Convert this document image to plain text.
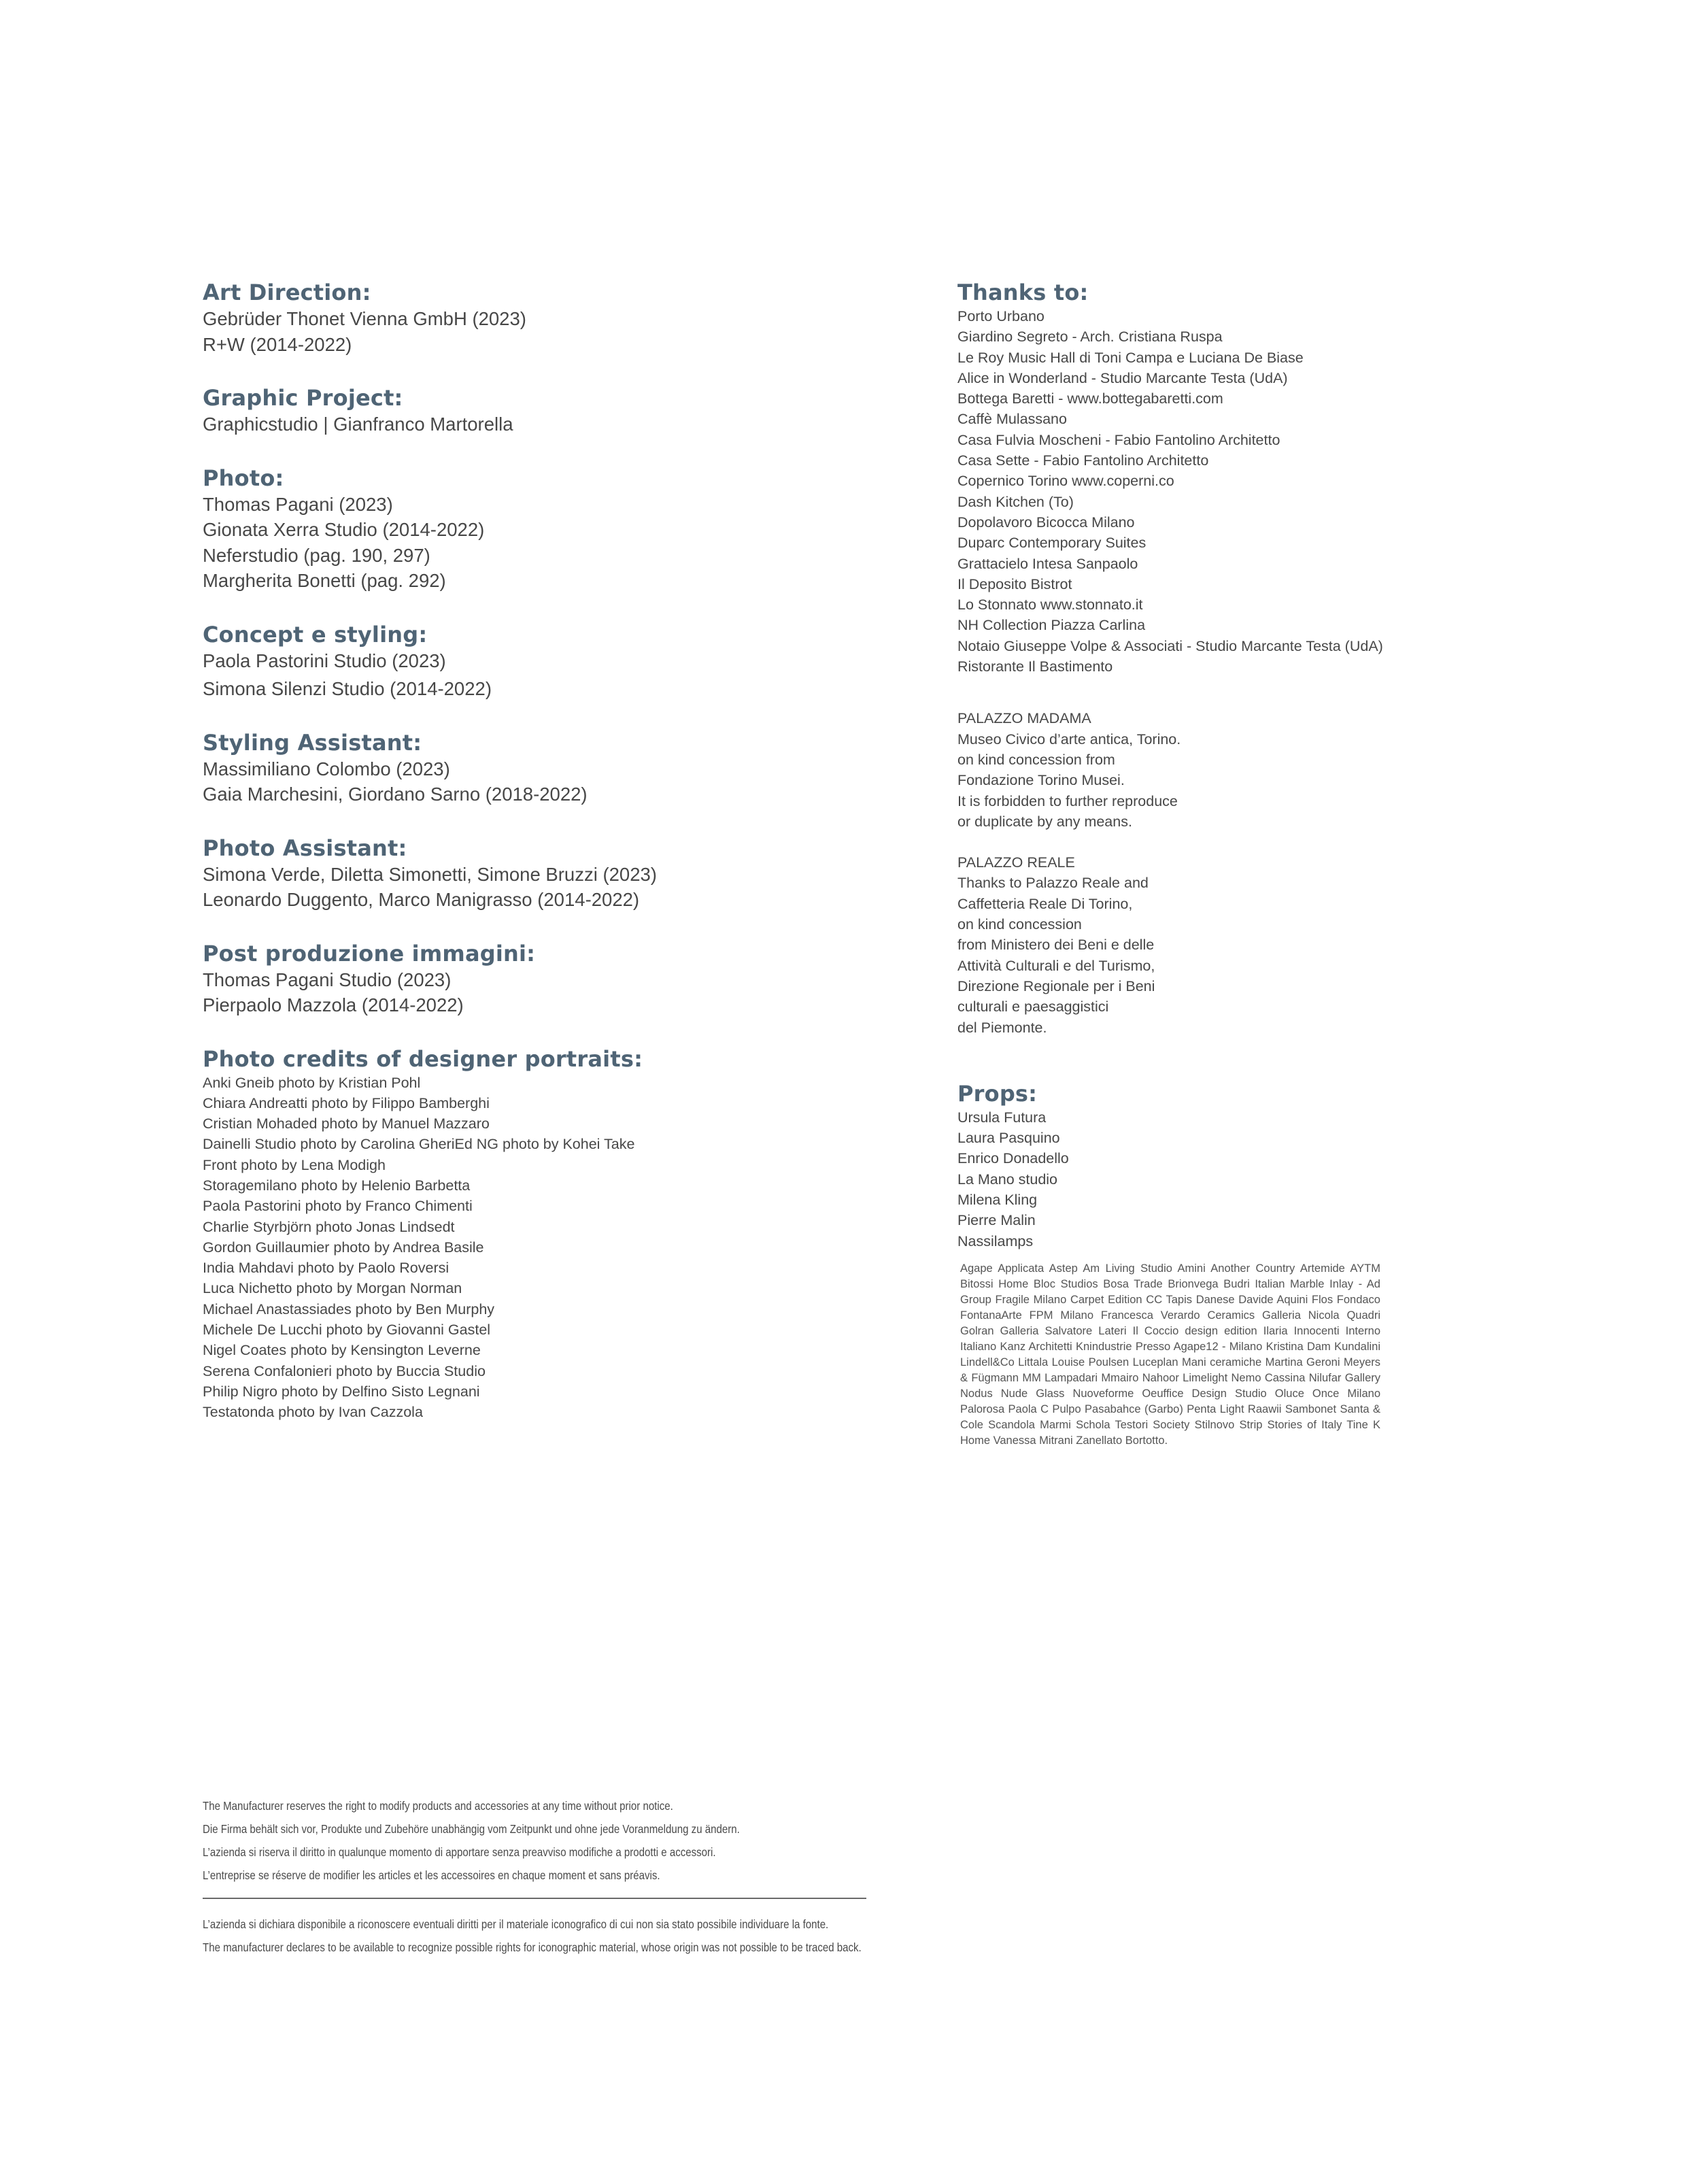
Art Direction:
Gebrüder Thonet Vienna GmbH (2023)
R+W (2014-2022)
Graphic Project:
Graphicstudio | Gianfranco Martorella
Photo:
Thomas Pagani (2023)
Gionata Xerra Studio (2014-2022)
Neferstudio (pag. 190, 297)
Margherita Bonetti (pag. 292)
Concept e styling:
Paola Pastorini Studio (2023)
Simona Silenzi Studio (2014-2022)
Styling Assistant:
Massimiliano Colombo (2023)
Gaia Marchesini, Giordano Sarno (2018-2022)
Photo Assistant:
Simona Verde, Diletta Simonetti, Simone Bruzzi (2023)
Leonardo Duggento, Marco Manigrasso (2014-2022)
Post produzione immagini:
Thomas Pagani Studio (2023)
Pierpaolo Mazzola (2014-2022)
Photo credits of designer portraits:
Anki Gneib photo by Kristian Pohl
Chiara Andreatti photo by Filippo Bamberghi
Cristian Mohaded photo by Manuel Mazzaro
Dainelli Studio photo by Carolina GheriEd NG photo by Kohei Take
Front photo by Lena Modigh
Storagemilano photo by Helenio Barbetta
Paola Pastorini photo by Franco Chimenti
Charlie Styrbjörn photo Jonas Lindsedt
Gordon Guillaumier photo by Andrea Basile
India Mahdavi photo by Paolo Roversi
Luca Nichetto photo by Morgan Norman
Michael Anastassiades photo by Ben Murphy
Michele De Lucchi photo by Giovanni Gastel
Nigel Coates photo by Kensington Leverne
Serena Confalonieri photo by Buccia Studio
Philip Nigro photo by Delfino Sisto Legnani
Testatonda photo by Ivan Cazzola
Thanks to:
Porto Urbano
Giardino Segreto - Arch. Cristiana Ruspa
Le Roy Music Hall di Toni Campa e Luciana De Biase
Alice in Wonderland - Studio Marcante Testa (UdA)
Bottega Baretti - www.bottegabaretti.com
Caffè Mulassano
Casa Fulvia Moscheni - Fabio Fantolino Architetto
Casa Sette - Fabio Fantolino Architetto
Copernico Torino www.coperni.co
Dash Kitchen (To)
Dopolavoro Bicocca Milano
Duparc Contemporary Suites
Grattacielo Intesa Sanpaolo
Il Deposito Bistrot
Lo Stonnato www.stonnato.it
NH Collection Piazza Carlina
Notaio Giuseppe Volpe & Associati - Studio Marcante Testa (UdA)
Ristorante Il Bastimento
PALAZZO MADAMA
Museo Civico d’arte antica, Torino.
on kind concession from
Fondazione Torino Musei.
It is forbidden to further reproduce
or duplicate by any means.
PALAZZO REALE
Thanks to Palazzo Reale and
Caffetteria Reale Di Torino,
on kind concession
from Ministero dei Beni e delle
Attività Culturali e del Turismo,
Direzione Regionale per i Beni
culturali e paesaggistici
del Piemonte.
Props:
Ursula Futura
Laura Pasquino
Enrico Donadello
La Mano studio
Milena Kling
Pierre Malin
Nassilamps

Agape Applicata Astep Am Living Studio Amini Another Country Artemide AYTM Bitossi Home Bloc Studios Bosa Trade Brionvega Budri Italian Marble Inlay - Ad Group Fragile Milano Carpet Edition CC Tapis Danese Davide Aquini Flos Fondaco FontanaArte FPM Milano Francesca Verardo Ceramics Galleria Nicola Quadri Golran Galleria Salvatore Lateri Il Coccio design edition Ilaria Innocenti Interno Italiano Kanz Architetti Knindustrie Presso Agape12 - Milano Kristina Dam Kundalini Lindell&Co Littala Louise Poulsen Luceplan Mani ceramiche Martina Geroni Meyers & Fügmann MM Lampadari Mmairo Nahoor Limelight Nemo Cassina Nilufar Gallery Nodus Nude Glass Nuoveforme Oeuffice Design Studio Oluce Once Milano Palorosa Paola C Pulpo Pasabahce (Garbo) Penta Light Raawii Sambonet Santa & Cole Scandola Marmi Schola Testori Society Stilnovo Strip Stories of Italy Tine K Home Vanessa Mitrani Zanellato Bortotto.

The Manufacturer reserves the right to modify products and accessories at any time without prior notice.
Die Firma behält sich vor, Produkte und Zubehöre unabhängig vom Zeitpunkt und ohne jede Voranmeldung zu ändern.
L’azienda si riserva il diritto in qualunque momento di apportare senza preavviso modifiche a prodotti e accessori.
L’entreprise se réserve de modifier les articles et les accessoires en chaque moment et sans préavis.
L’azienda si dichiara disponibile a riconoscere eventuali diritti per il materiale iconografico di cui non sia stato possibile individuare la fonte.
The manufacturer declares to be available to recognize possible rights for iconographic material, whose origin was not possible to be traced back.
